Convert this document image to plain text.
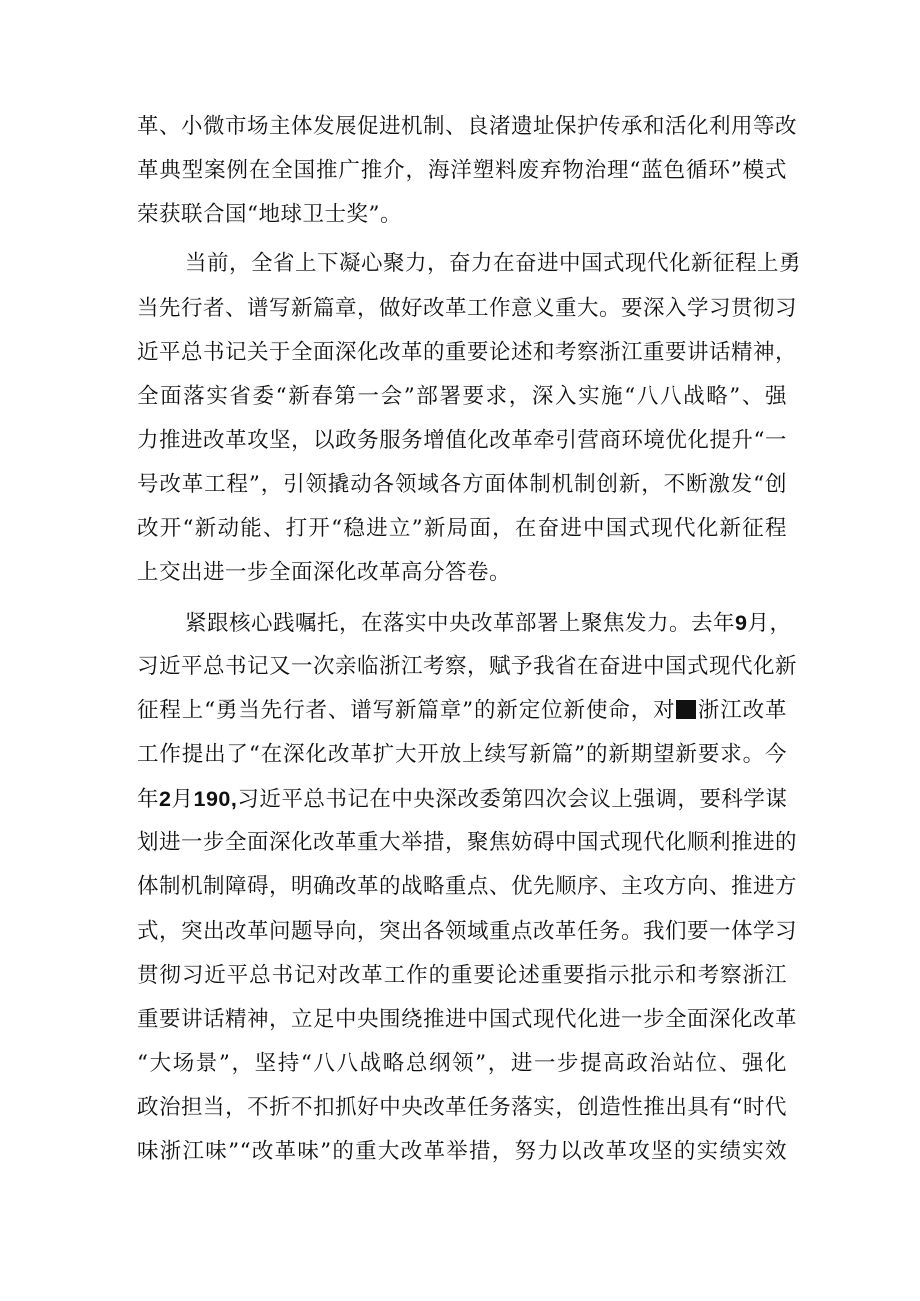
革、小微市场主体发展促进机制、良渚遗址保护传承和活化利用等改
革典型案例在全国推广推介，海洋塑料废弃物治理“蓝色循环”模式
荣获联合国“地球卫士奖”。
当前，全省上下凝心聚力，奋力在奋进中国式现代化新征程上勇
当先行者、谱写新篇章，做好改革工作意义重大。要深入学习贯彻习
近平总书记关于全面深化改革的重要论述和考察浙江重要讲话精神，
全面落实省委“新春第一会”部署要求，深入实施“八八战略”、强
力推进改革攻坚，以政务服务增值化改革牵引营商环境优化提升“一
号改革工程”，引领撬动各领域各方面体制机制创新，不断激发“创
改开“新动能、打开“稳进立”新局面，在奋进中国式现代化新征程
上交出进一步全面深化改革高分答卷。
紧跟核心践嘱托，在落实中央改革部署上聚焦发力。去年9月，
习近平总书记又一次亲临浙江考察，赋予我省在奋进中国式现代化新
征程上“勇当先行者、谱写新篇章”的新定位新使命，对 浙江改革
工作提出了“在深化改革扩大开放上续写新篇”的新期望新要求。今
年2月190,习近平总书记在中央深改委第四次会议上强调，要科学谋
划进一步全面深化改革重大举措，聚焦妨碍中国式现代化顺利推进的
体制机制障碍，明确改革的战略重点、优先顺序、主攻方向、推进方
式，突出改革问题导向，突出各领域重点改革任务。我们要一体学习
贯彻习近平总书记对改革工作的重要论述重要指示批示和考察浙江
重要讲话精神，立足中央围绕推进中国式现代化进一步全面深化改革
“大场景”，坚持“八八战略总纲领”，进一步提高政治站位、强化
政治担当，不折不扣抓好中央改革任务落实，创造性推出具有“时代
味浙江味”“改革味”的重大改革举措，努力以改革攻坚的实绩实效
